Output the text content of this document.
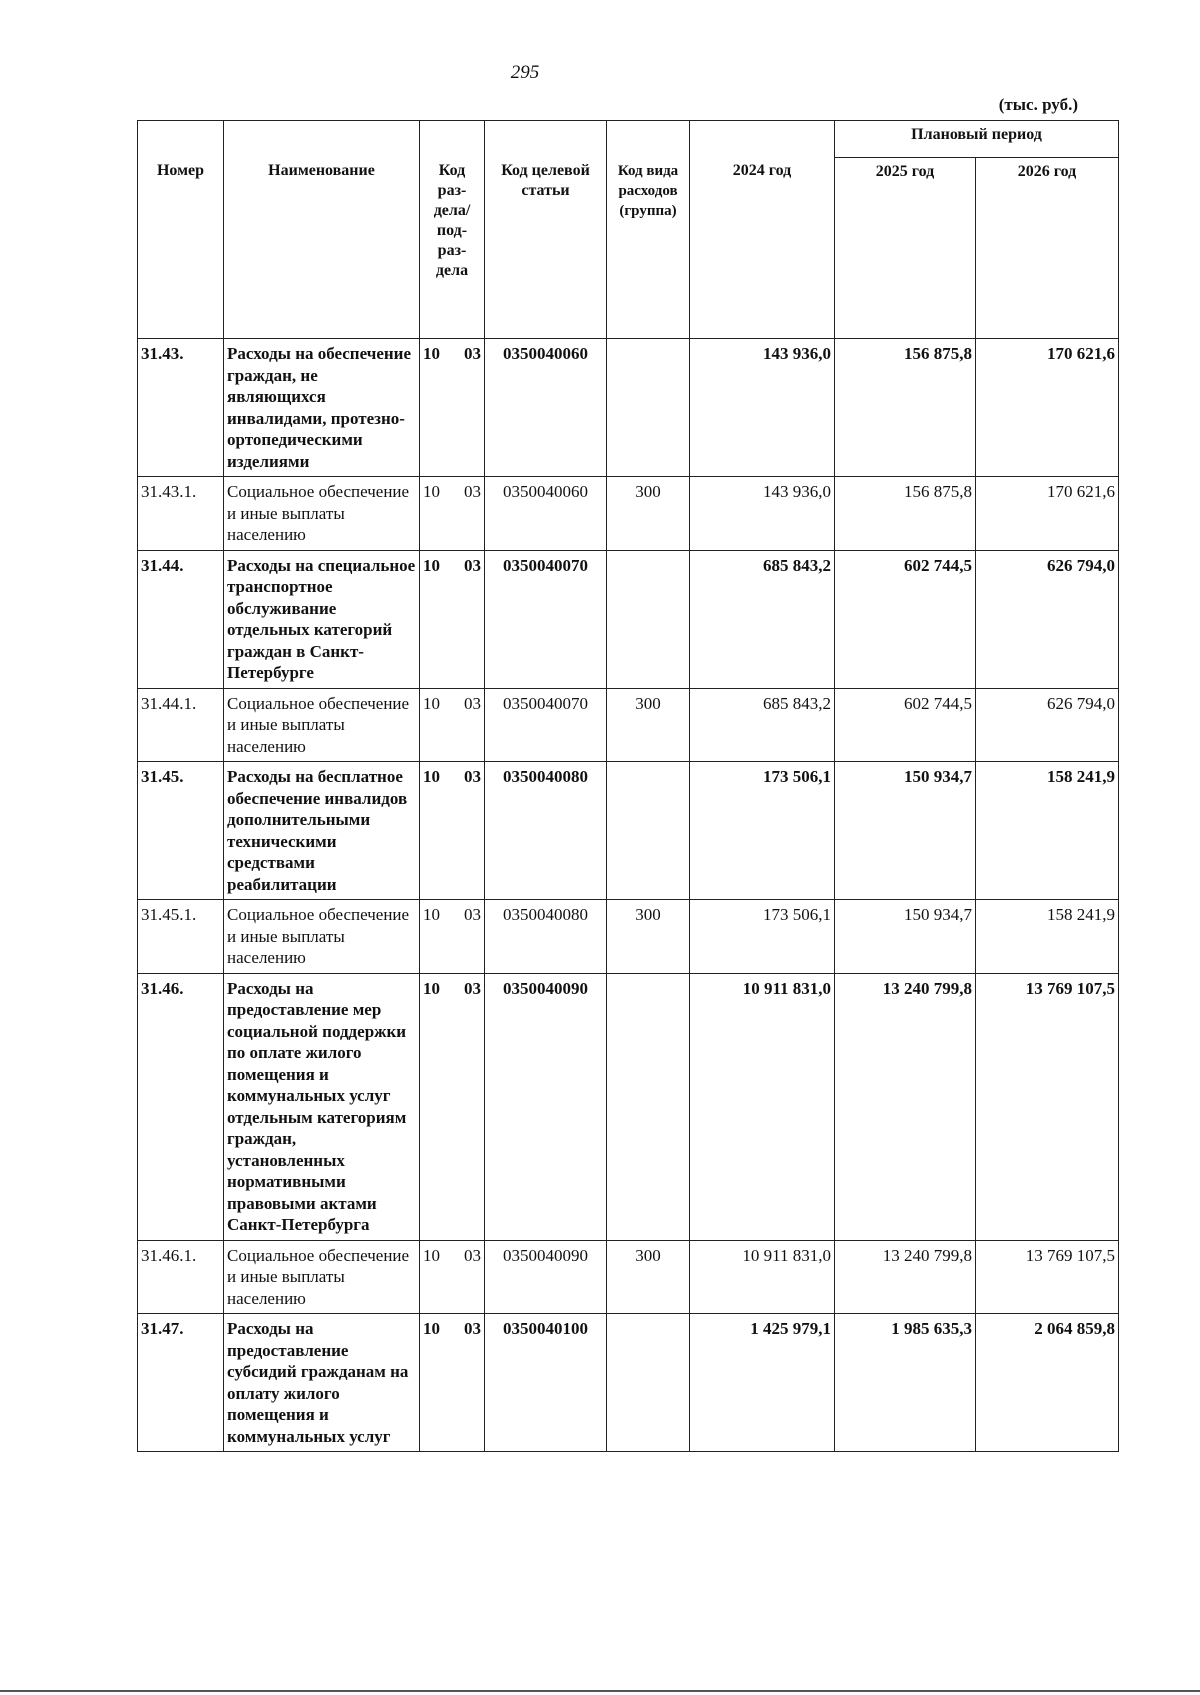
295
(тыс. руб.)
Номер	Наименование	Код раз-дела/ под-раз-дела	Код целевой статьи	Код вида расходов (группа)	2024 год	Плановый период	
						2025 год	2026 год
31.43.	Расходы на обеспечение граждан, не являющихся инвалидами, протезно-ортопедическими изделиями	10 03	0350040060		143 936,0	156 875,8	170 621,6
31.43.1.	Социальное обеспечение и иные выплаты населению	10 03	0350040060	300	143 936,0	156 875,8	170 621,6
31.44.	Расходы на специальное транспортное обслуживание отдельных категорий граждан в Санкт-Петербурге	10 03	0350040070		685 843,2	602 744,5	626 794,0
31.44.1.	Социальное обеспечение и иные выплаты населению	10 03	0350040070	300	685 843,2	602 744,5	626 794,0
31.45.	Расходы на бесплатное обеспечение инвалидов дополнительными техническими средствами реабилитации	10 03	0350040080		173 506,1	150 934,7	158 241,9
31.45.1.	Социальное обеспечение и иные выплаты населению	10 03	0350040080	300	173 506,1	150 934,7	158 241,9
31.46.	Расходы на предоставление мер социальной поддержки по оплате жилого помещения и коммунальных услуг отдельным категориям граждан, установленных нормативными правовыми актами Санкт-Петербурга	10 03	0350040090		10 911 831,0	13 240 799,8	13 769 107,5
31.46.1.	Социальное обеспечение и иные выплаты населению	10 03	0350040090	300	10 911 831,0	13 240 799,8	13 769 107,5
31.47.	Расходы на предоставление субсидий гражданам на оплату жилого помещения и коммунальных услуг	10 03	0350040100		1 425 979,1	1 985 635,3	2 064 859,8
